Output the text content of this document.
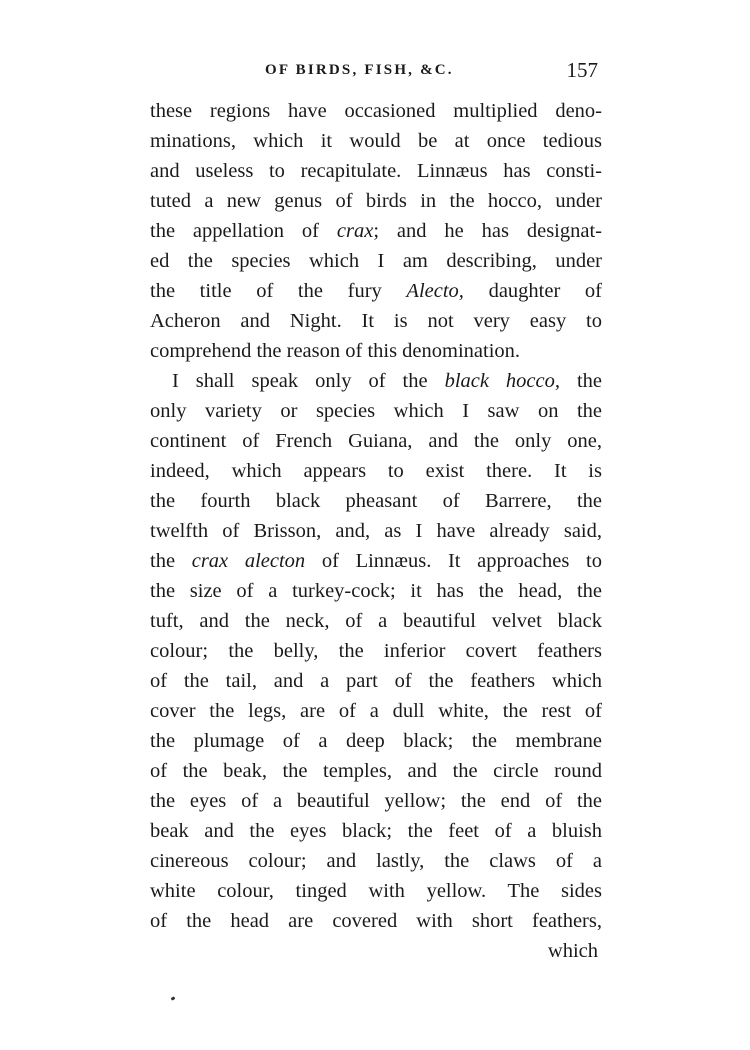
OF BIRDS, FISH, &C.	157
these regions have occasioned multiplied deno-
minations, which it would be at once tedious
and useless to recapitulate. Linnæus has consti-
tuted a new genus of birds in the hocco, under
the appellation of crax; and he has designat-
ed the species which I am describing, under
the title of the fury Alecto, daughter of
Acheron and Night. It is not very easy to
comprehend the reason of this denomination.
I shall speak only of the black hocco, the
only variety or species which I saw on the
continent of French Guiana, and the only one,
indeed, which appears to exist there. It is
the fourth black pheasant of Barrere, the
twelfth of Brisson, and, as I have already said,
the crax alecton of Linnæus. It approaches to
the size of a turkey-cock; it has the head, the
tuft, and the neck, of a beautiful velvet black
colour; the belly, the inferior covert feathers
of the tail, and a part of the feathers which
cover the legs, are of a dull white, the rest of
the plumage of a deep black; the membrane
of the beak, the temples, and the circle round
the eyes of a beautiful yellow; the end of the
beak and the eyes black; the feet of a bluish
cinereous colour; and lastly, the claws of a
white colour, tinged with yellow. The sides
of the head are covered with short feathers,
which
